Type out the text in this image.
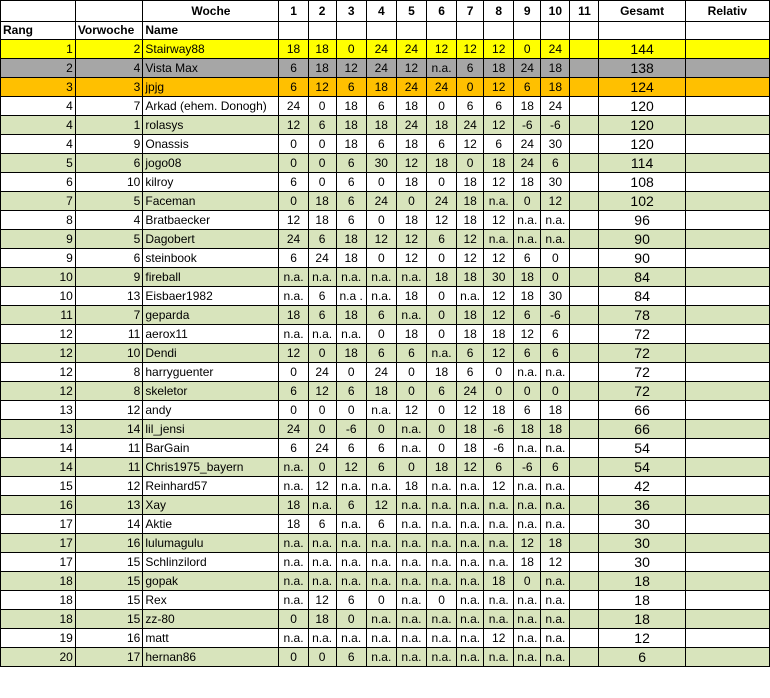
		Woche	1	2	3	4	5	6	7	8	9	10	11	Gesamt	Relativ
Rang	Vorwoche	Name													
1	2	Stairway88	18	18	0	24	24	12	12	12	0	24		144	
2	4	Vista Max	6	18	12	24	12	n.a.	6	18	24	18		138	
3	3	jpjg	6	12	6	18	24	24	0	12	6	18		124	
4	7	Arkad (ehem. Donogh)	24	0	18	6	18	0	6	6	18	24		120	
4	1	rolasys	12	6	18	18	24	18	24	12	-6	-6		120	
4	9	Onassis	0	0	18	6	18	6	12	6	24	30		120	
5	6	jogo08	0	0	6	30	12	18	0	18	24	6		114	
6	10	kilroy	6	0	6	0	18	0	18	12	18	30		108	
7	5	Faceman	0	18	6	24	0	24	18	n.a.	0	12		102	
8	4	Bratbaecker	12	18	6	0	18	12	18	12	n.a.	n.a.		96	
9	5	Dagobert	24	6	18	12	12	6	12	n.a.	n.a.	n.a.		90	
9	6	steinbook	6	24	18	0	12	0	12	12	6	0		90	
10	9	fireball	n.a.	n.a.	n.a.	n.a.	n.a.	18	18	30	18	0		84	
10	13	Eisbaer1982	n.a.	6	n.a .	n.a.	18	0	n.a.	12	18	30		84	
11	7	geparda	18	6	18	6	n.a.	0	18	12	6	-6		78	
12	11	aerox11	n.a.	n.a.	n.a.	0	18	0	18	18	12	6		72	
12	10	Dendi	12	0	18	6	6	n.a.	6	12	6	6		72	
12	8	harryguenter	0	24	0	24	0	18	6	0	n.a.	n.a.		72	
12	8	skeletor	6	12	6	18	0	6	24	0	0	0		72	
13	12	andy	0	0	0	n.a.	12	0	12	18	6	18		66	
13	14	lil_jensi	24	0	-6	0	n.a.	0	18	-6	18	18		66	
14	11	BarGain	6	24	6	6	n.a.	0	18	-6	n.a.	n.a.		54	
14	11	Chris1975_bayern	n.a.	0	12	6	0	18	12	6	-6	6		54	
15	12	Reinhard57	n.a.	12	n.a.	n.a.	18	n.a.	n.a.	12	n.a.	n.a.		42	
16	13	Xay	18	n.a.	6	12	n.a.	n.a.	n.a.	n.a.	n.a.	n.a.		36	
17	14	Aktie	18	6	n.a.	6	n.a.	n.a.	n.a.	n.a.	n.a.	n.a.		30	
17	16	lulumagulu	n.a.	n.a.	n.a.	n.a.	n.a.	n.a.	n.a.	n.a.	12	18		30	
17	15	Schlinzilord	n.a.	n.a.	n.a.	n.a.	n.a.	n.a.	n.a.	n.a.	18	12		30	
18	15	gopak	n.a.	n.a.	n.a.	n.a.	n.a.	n.a.	n.a.	18	0	n.a.		18	
18	15	Rex	n.a.	12	6	0	n.a.	0	n.a.	n.a.	n.a.	n.a.		18	
18	15	zz-80	0	18	0	n.a.	n.a.	n.a.	n.a.	n.a.	n.a.	n.a.		18	
19	16	matt	n.a.	n.a.	n.a.	n.a.	n.a.	n.a.	n.a.	12	n.a.	n.a.		12	
20	17	hernan86	0	0	6	n.a.	n.a.	n.a.	n.a.	n.a.	n.a.	n.a.		6	
